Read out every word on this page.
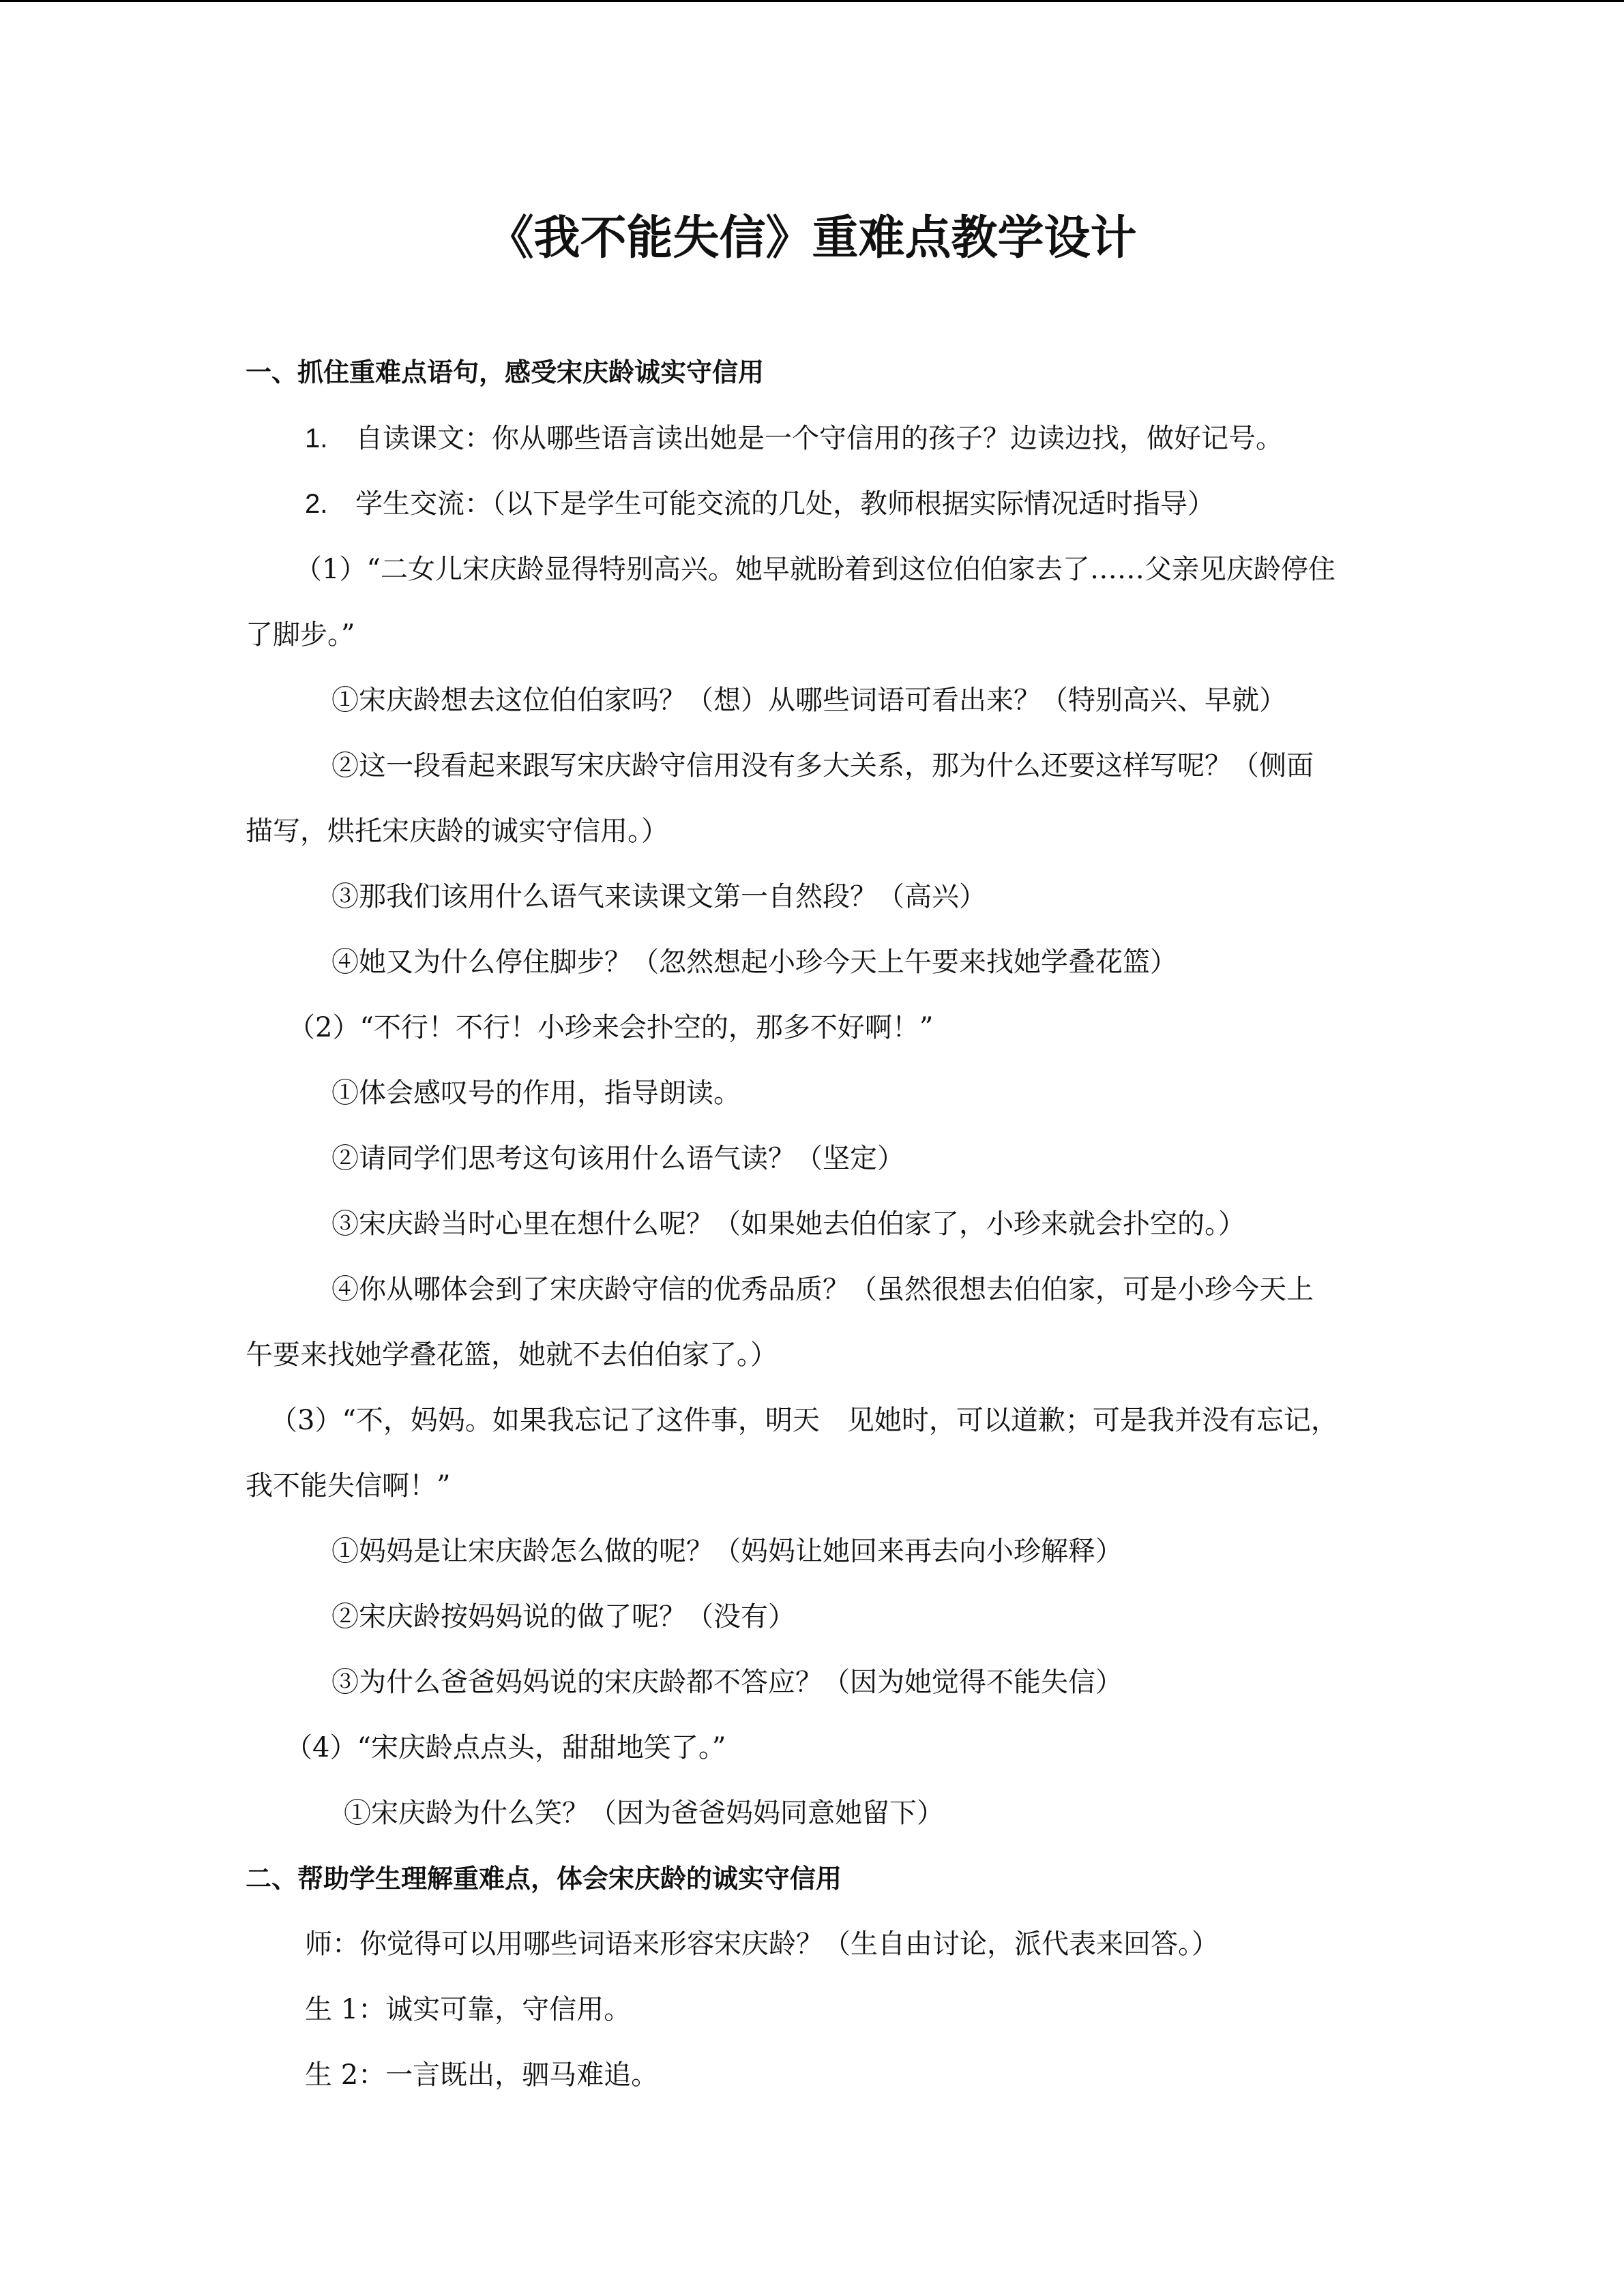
《我不能失信》重难点教学设计
一、抓住重难点语句，感受宋庆龄诚实守信用
1. 自读课文：你从哪些语言读出她是一个守信用的孩子？边读边找，做好记号。
2. 学生交流：（以下是学生可能交流的几处，教师根据实际情况适时指导）
（1）“二女儿宋庆龄显得特别高兴。她早就盼着到这位伯伯家去了……父亲见庆龄停住
了脚步。”
①宋庆龄想去这位伯伯家吗？（想）从哪些词语可看出来？（特别高兴、早就）
②这一段看起来跟写宋庆龄守信用没有多大关系，那为什么还要这样写呢？（侧面
描写，烘托宋庆龄的诚实守信用。）
③那我们该用什么语气来读课文第一自然段？（高兴）
④她又为什么停住脚步？（忽然想起小珍今天上午要来找她学叠花篮）
（2）“不行！不行！小珍来会扑空的，那多不好啊！”
①体会感叹号的作用，指导朗读。
②请同学们思考这句该用什么语气读？（坚定）
③宋庆龄当时心里在想什么呢？（如果她去伯伯家了，小珍来就会扑空的。）
④你从哪体会到了宋庆龄守信的优秀品质？（虽然很想去伯伯家，可是小珍今天上
午要来找她学叠花篮，她就不去伯伯家了。）
（3）“不，妈妈。如果我忘记了这件事，明天　见她时，可以道歉；可是我并没有忘记，
我不能失信啊！”
①妈妈是让宋庆龄怎么做的呢？（妈妈让她回来再去向小珍解释）
②宋庆龄按妈妈说的做了呢？（没有）
③为什么爸爸妈妈说的宋庆龄都不答应？（因为她觉得不能失信）
（4）“宋庆龄点点头，甜甜地笑了。”
①宋庆龄为什么笑？（因为爸爸妈妈同意她留下）
二、帮助学生理解重难点，体会宋庆龄的诚实守信用
师：你觉得可以用哪些词语来形容宋庆龄？（生自由讨论，派代表来回答。）
生 1：诚实可靠，守信用。
生 2：一言既出，驷马难追。
